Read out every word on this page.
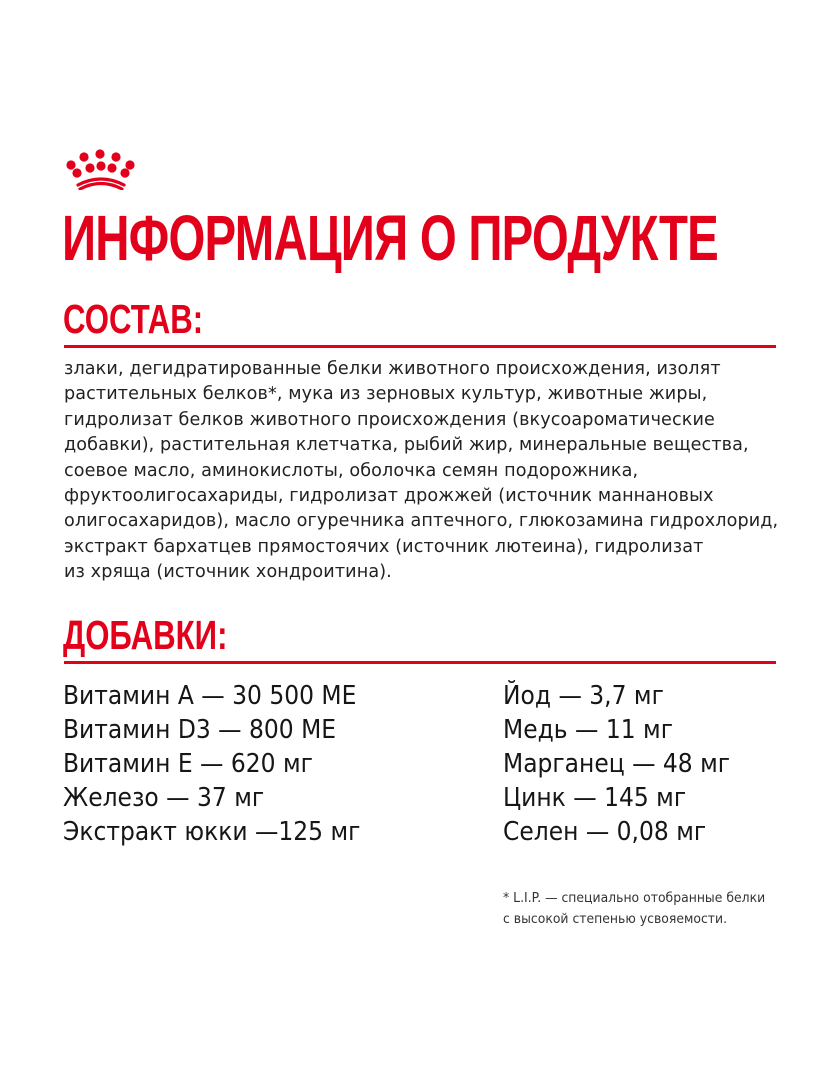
ИНФОРМАЦИЯ О ПРОДУКТЕ
СОСТАВ:

злаки, дегидратированные белки животного происхождения, изолят
растительных белков*, мука из зерновых культур, животные жиры,
гидролизат белков животного происхождения (вкусоароматические
добавки), растительная клетчатка, рыбий жир, минеральные вещества,
соевое масло, аминокислоты, оболочка семян подорожника,
фруктоолигосахариды, гидролизат дрожжей (источник маннановых
олигосахаридов), масло огуречника аптечного, глюкозамина гидрохлорид,
экстракт бархатцев прямостоячих (источник лютеина), гидролизат
из хряща (источник хондроитина).

ДОБАВКИ:
Витамин А — 30 500 МЕ
Витамин D3 — 800 МЕ
Витамин Е — 620 мг
Железо — 37 мг
Экстракт юкки —125 мг
Йод — 3,7 мг
Медь — 11 мг
Марганец — 48 мг
Цинк — 145 мг
Селен — 0,08 мг
* L.I.P. — специально отобранные белки
с высокой степенью усвояемости.
